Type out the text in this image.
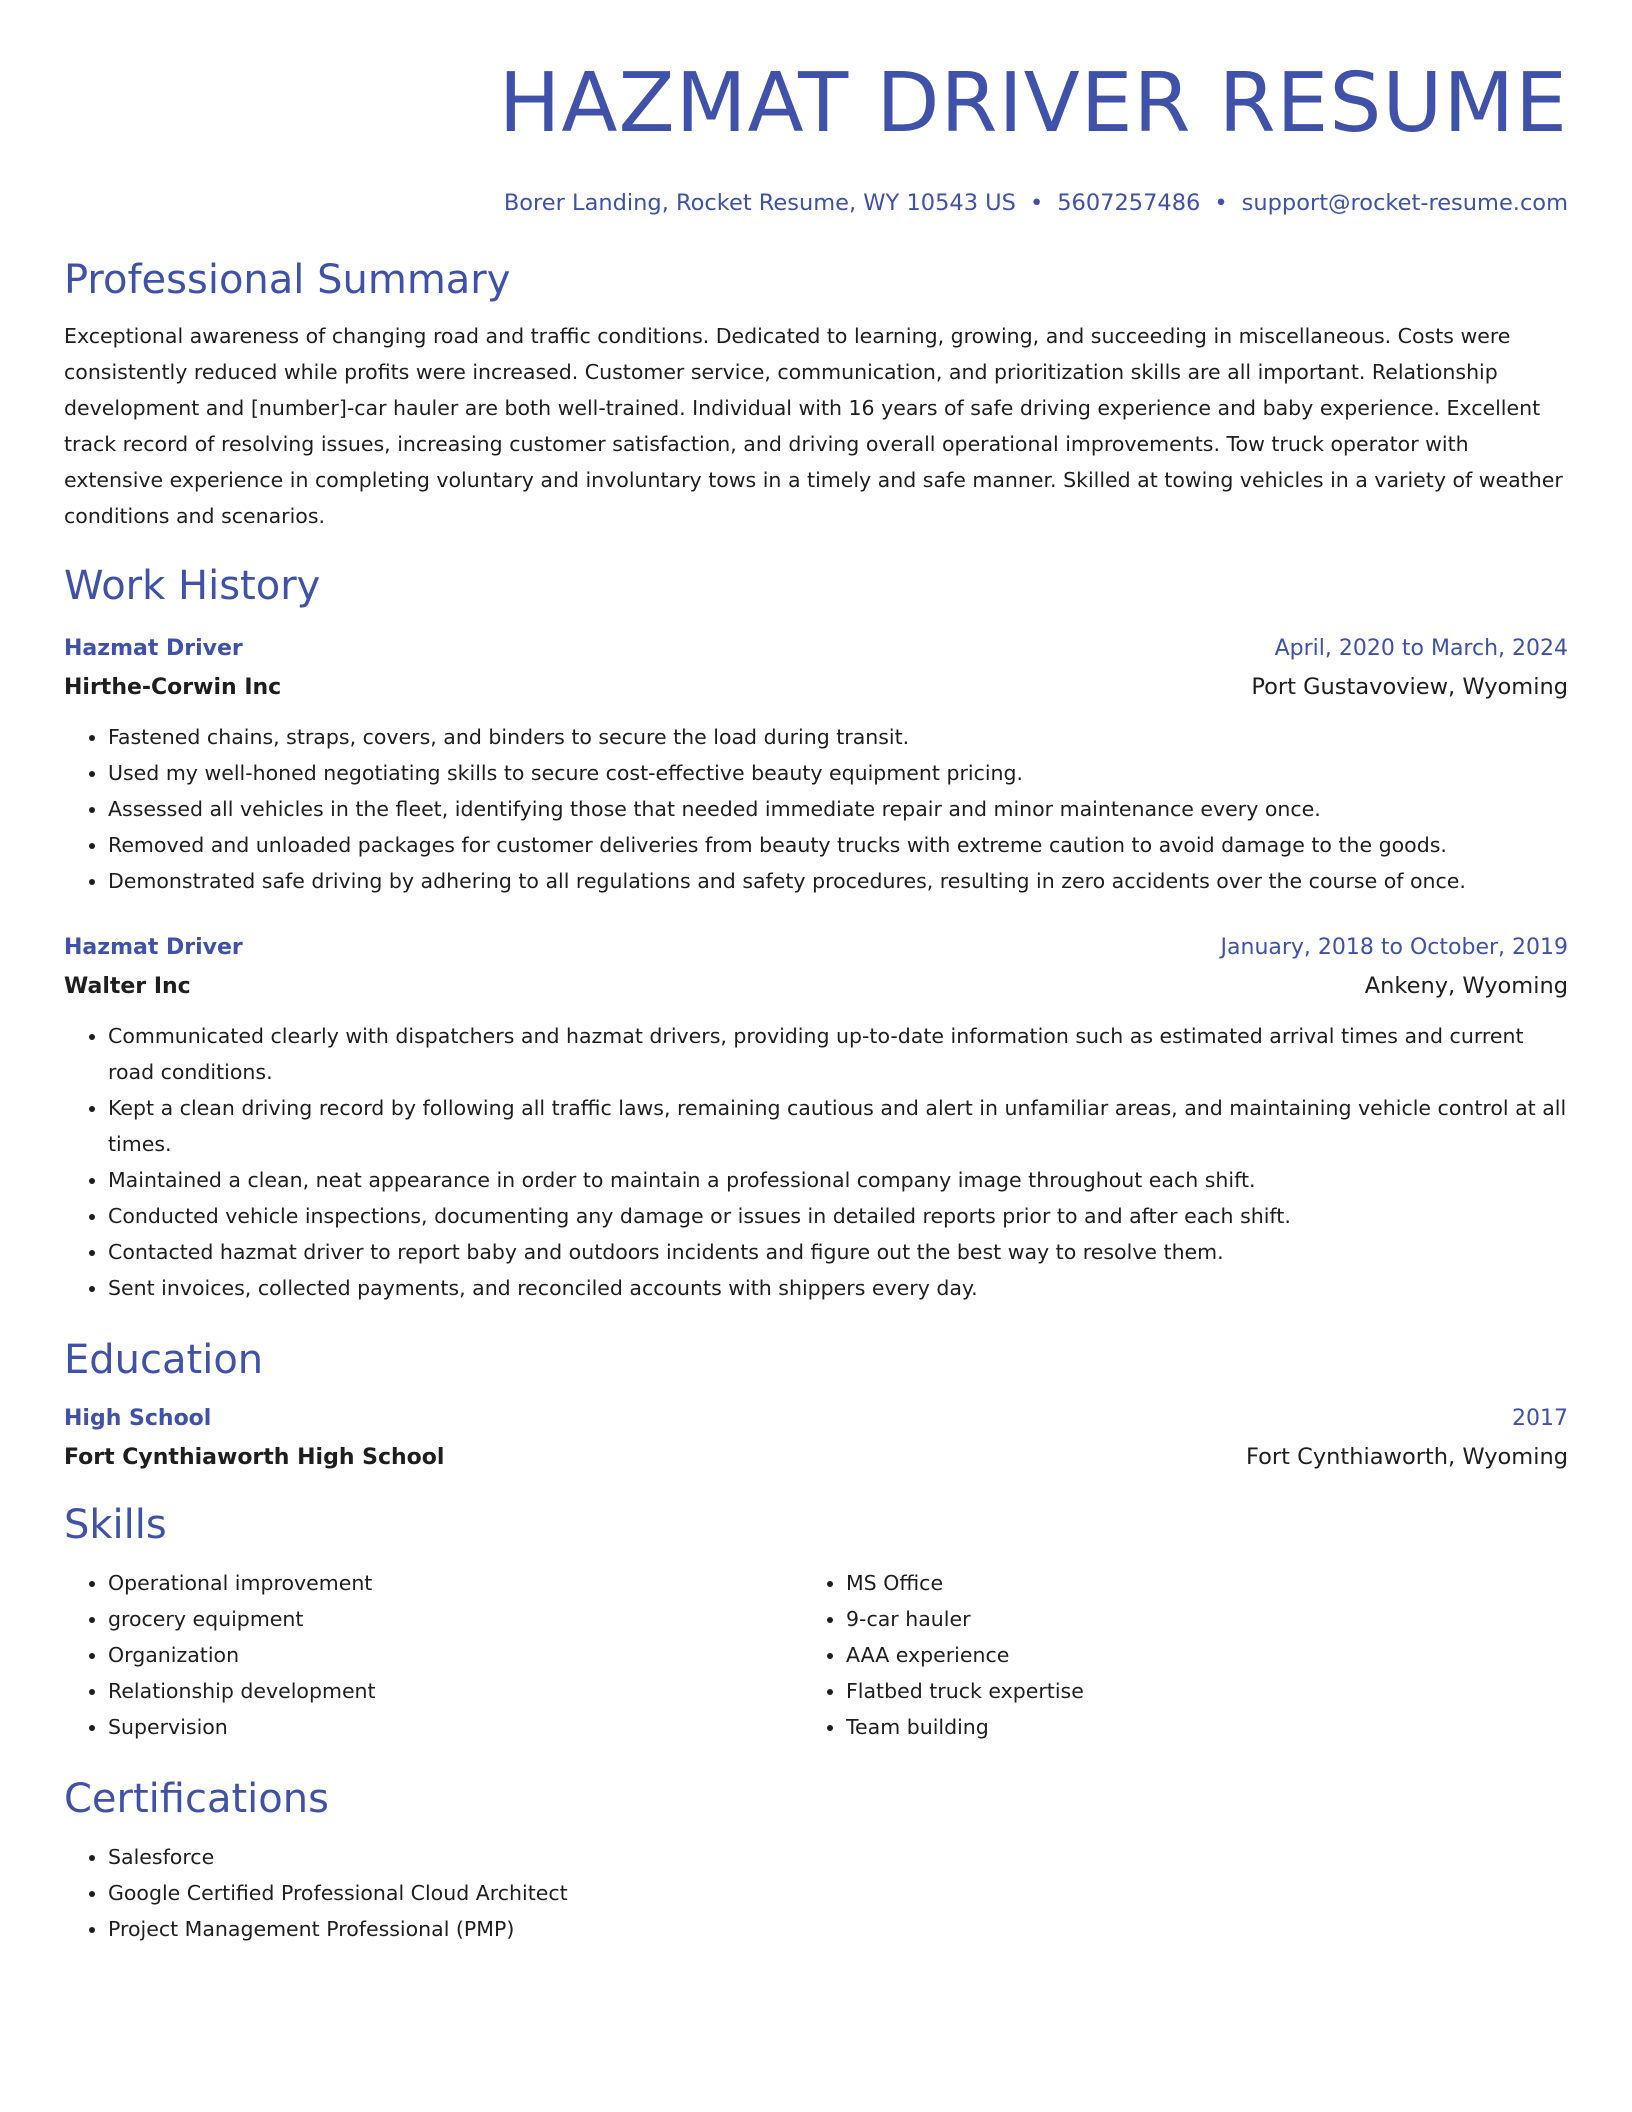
HAZMAT DRIVER RESUME
Borer Landing, Rocket Resume, WY 10543 US • 5607257486 • support@rocket-resume.com
Professional Summary

Exceptional awareness of changing road and traffic conditions. Dedicated to learning, growing, and succeeding in miscellaneous. Costs were consistently reduced while profits were increased. Customer service, communication, and prioritization skills are all important. Relationship development and [number]-car hauler are both well-trained. Individual with 16 years of safe driving experience and baby experience. Excellent track record of resolving issues, increasing customer satisfaction, and driving overall operational improvements. Tow truck operator with extensive experience in completing voluntary and involuntary tows in a timely and safe manner. Skilled at towing vehicles in a variety of weather conditions and scenarios.

Work History
Hazmat Driver	April, 2020 to March, 2024
Hirthe-Corwin Inc	Port Gustavoview, Wyoming
• Fastened chains, straps, covers, and binders to secure the load during transit.
• Used my well-honed negotiating skills to secure cost-effective beauty equipment pricing.
• Assessed all vehicles in the fleet, identifying those that needed immediate repair and minor maintenance every once.
• Removed and unloaded packages for customer deliveries from beauty trucks with extreme caution to avoid damage to the goods.
• Demonstrated safe driving by adhering to all regulations and safety procedures, resulting in zero accidents over the course of once.
Hazmat Driver	January, 2018 to October, 2019
Walter Inc	Ankeny, Wyoming
• Communicated clearly with dispatchers and hazmat drivers, providing up-to-date information such as estimated arrival times and current road conditions.
• Kept a clean driving record by following all traffic laws, remaining cautious and alert in unfamiliar areas, and maintaining vehicle control at all times.
• Maintained a clean, neat appearance in order to maintain a professional company image throughout each shift.
• Conducted vehicle inspections, documenting any damage or issues in detailed reports prior to and after each shift.
• Contacted hazmat driver to report baby and outdoors incidents and figure out the best way to resolve them.
• Sent invoices, collected payments, and reconciled accounts with shippers every day.
Education
High School	2017
Fort Cynthiaworth High School	Fort Cynthiaworth, Wyoming
Skills
• Operational improvement
• grocery equipment
• Organization
• Relationship development
• Supervision
• MS Office
• 9-car hauler
• AAA experience
• Flatbed truck expertise
• Team building
Certifications
• Salesforce
• Google Certified Professional Cloud Architect
• Project Management Professional (PMP)
